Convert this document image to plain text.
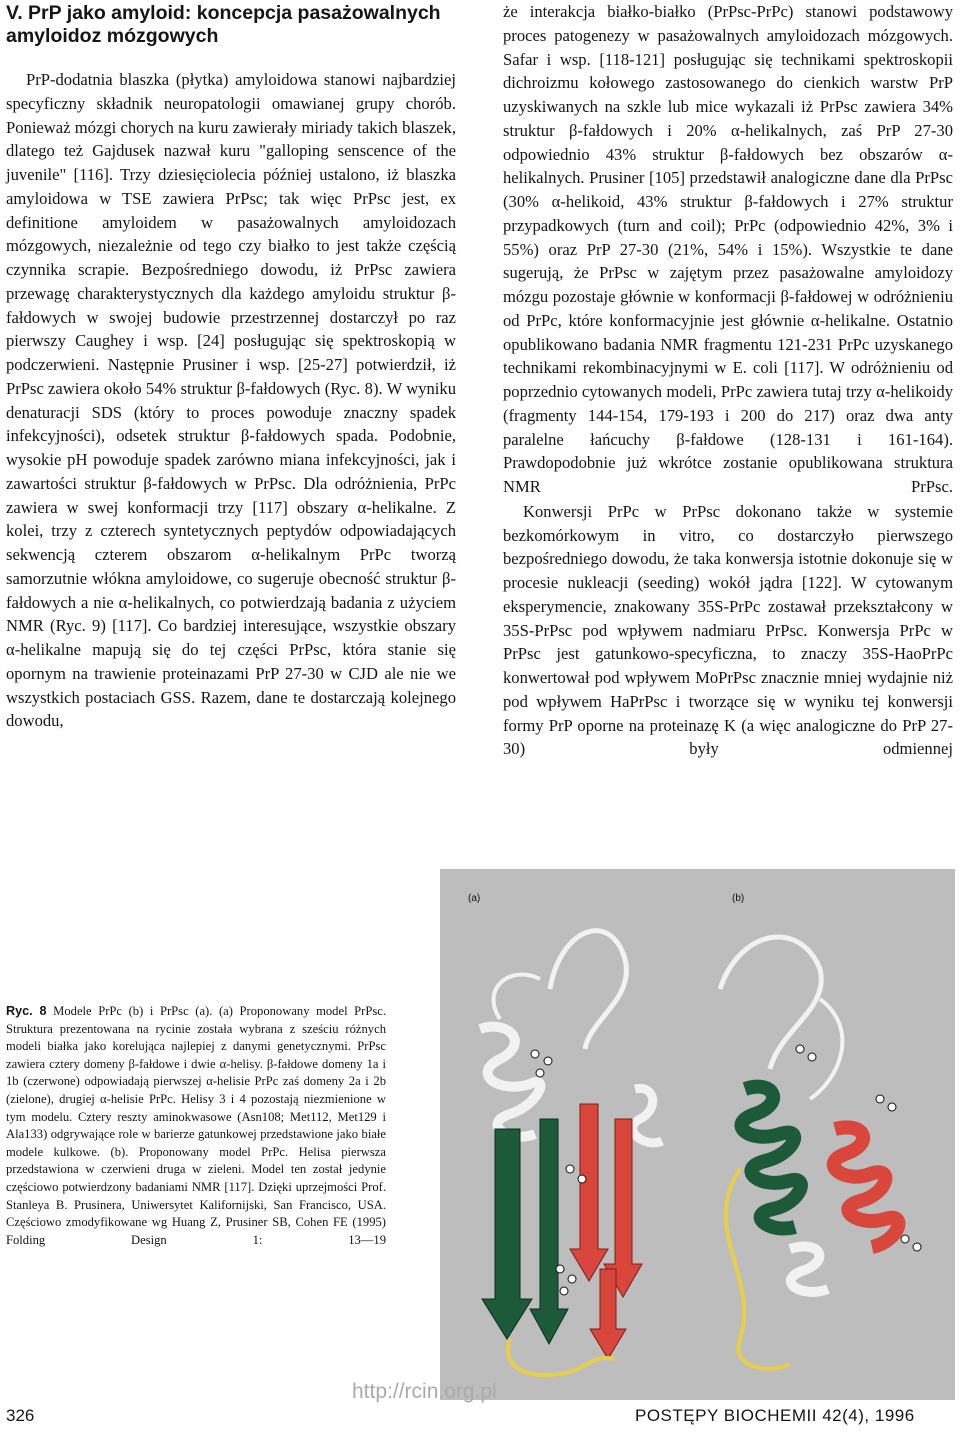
V. PrP jako amyloid: koncepcja pasażowalnych amyloidoz mózgowych

PrP-dodatnia blaszka (płytka) amyloidowa stanowi najbardziej specyficzny składnik neuropatologii omawianej grupy chorób. Ponieważ mózgi chorych na kuru zawierały miriady takich blaszek, dlatego też Gajdusek nazwał kuru "galloping senscence of the juvenile" [116]. Trzy dziesięciolecia później ustalono, iż blaszka amyloidowa w TSE zawiera PrPsc; tak więc PrPsc jest, ex definitione amyloidem w pasażowalnych amyloidozach mózgowych, niezależnie od tego czy białko to jest także częścią czynnika scrapie. Bezpośredniego dowodu, iż PrPsc zawiera przewagę charakterystycznych dla każdego amyloidu struktur β-fałdowych w swojej budowie przestrzennej dostarczył po raz pierwszy Caughey i wsp. [24] posługując się spektroskopią w podczerwieni. Następnie Prusiner i wsp. [25-27] potwierdził, iż PrPsc zawiera około 54% struktur β-fałdowych (Ryc. 8). W wyniku denaturacji SDS (który to proces powoduje znaczny spadek infekcyjności), odsetek struktur β-fałdowych spada. Podobnie, wysokie pH powoduje spadek zarówno miana infekcyjności, jak i zawartości struktur β-fałdowych w PrPsc. Dla odróżnienia, PrPc zawiera w swej konformacji trzy [117] obszary α-helikalne. Z kolei, trzy z czterech syntetycznych peptydów odpowiadających sekwencją czterem obszarom α-helikalnym PrPc tworzą samorzutnie włókna amyloidowe, co sugeruje obecność struktur β-fałdowych a nie α-helikalnych, co potwierdzają badania z użyciem NMR (Ryc. 9) [117]. Co bardziej interesujące, wszystkie obszary α-helikalne mapują się do tej części PrPsc, która stanie się opornym na trawienie proteinazami PrP 27-30 w CJD ale nie we wszystkich postaciach GSS. Razem, dane te dostarczają kolejnego dowodu,

że interakcja białko-białko (PrPsc-PrPc) stanowi podstawowy proces patogenezy w pasażowalnych amyloidozach mózgowych. Safar i wsp. [118-121] posługując się technikami spektroskopii dichroizmu kołowego zastosowanego do cienkich warstw PrP uzyskiwanych na szkle lub mice wykazali iż PrPsc zawiera 34% struktur β-fałdowych i 20% α-helikalnych, zaś PrP 27-30 odpowiednio 43% struktur β-fałdowych bez obszarów α-helikalnych. Prusiner [105] przedstawił analogiczne dane dla PrPsc (30% α-helikoid, 43% struktur β-fałdowych i 27% struktur przypadkowych (turn and coil); PrPc (odpowiednio 42%, 3% i 55%) oraz PrP 27-30 (21%, 54% i 15%). Wszystkie te dane sugerują, że PrPsc w zajętym przez pasażowalne amyloidozy mózgu pozostaje głównie w konformacji β-fałdowej w odróżnieniu od PrPc, które konformacyjnie jest głównie α-helikalne. Ostatnio opublikowano badania NMR fragmentu 121-231 PrPc uzyskanego technikami rekombinacyjnymi w E. coli [117]. W odróżnieniu od poprzednio cytowanych modeli, PrPc zawiera tutaj trzy α-helikoidy (fragmenty 144-154, 179-193 i 200 do 217) oraz dwa anty paralelne łańcuchy β-fałdowe (128-131 i 161-164). Prawdopodobnie już wkrótce zostanie opublikowana struktura NMR PrPsc.

Konwersji PrPc w PrPsc dokonano także w systemie bezkomórkowym in vitro, co dostarczyło pierwszego bezpośredniego dowodu, że taka konwersja istotnie dokonuje się w procesie nukleacji (seeding) wokół jądra [122]. W cytowanym eksperymencie, znakowany 35S-PrPc zostawał przekształcony w 35S-PrPsc pod wpływem nadmiaru PrPsc. Konwersja PrPc w PrPsc jest gatunkowo-specyficzna, to znaczy 35S-HaoPrPc konwertował pod wpływem MoPrPsc znacznie mniej wydajnie niż pod wpływem HaPrPsc i tworzące się w wyniku tej konwersji formy PrP oporne na proteinazę K (a więc analogiczne do PrP 27-30) były odmiennej

(a)	(b)
Ryc. 8 Modele PrPc (b) i PrPsc (a). (a) Proponowany model PrPsc. Struktura prezentowana na rycinie została wybrana z sześciu różnych modeli białka jako korelująca najlepiej z danymi genetycznymi. PrPsc zawiera cztery domeny β-fałdowe i dwie α-helisy. β-fałdowe domeny 1a i 1b (czerwone) odpowiadają pierwszej α-helisie PrPc zaś domeny 2a i 2b (zielone), drugiej α-helisie PrPc. Helisy 3 i 4 pozostają niezmienione w tym modelu. Cztery reszty aminokwasowe (Asn108; Met112, Met129 i Ala133) odgrywające role w barierze gatunkowej przedstawione jako białe modele kulkowe. (b). Proponowany model PrPc. Helisa pierwsza przedstawiona w czerwieni druga w zieleni. Model ten został jedynie częściowo potwierdzony badaniami NMR [117]. Dzięki uprzejmości Prof. Stanleya B. Prusinera, Uniwersytet Kalifornijski, San Francisco, USA. Częściowo zmodyfikowane wg Huang Z, Prusiner SB, Cohen FE (1995) Folding Design 1: 13—19
http://rcin.org.pl
326	POSTĘPY BIOCHEMII 42(4), 1996
